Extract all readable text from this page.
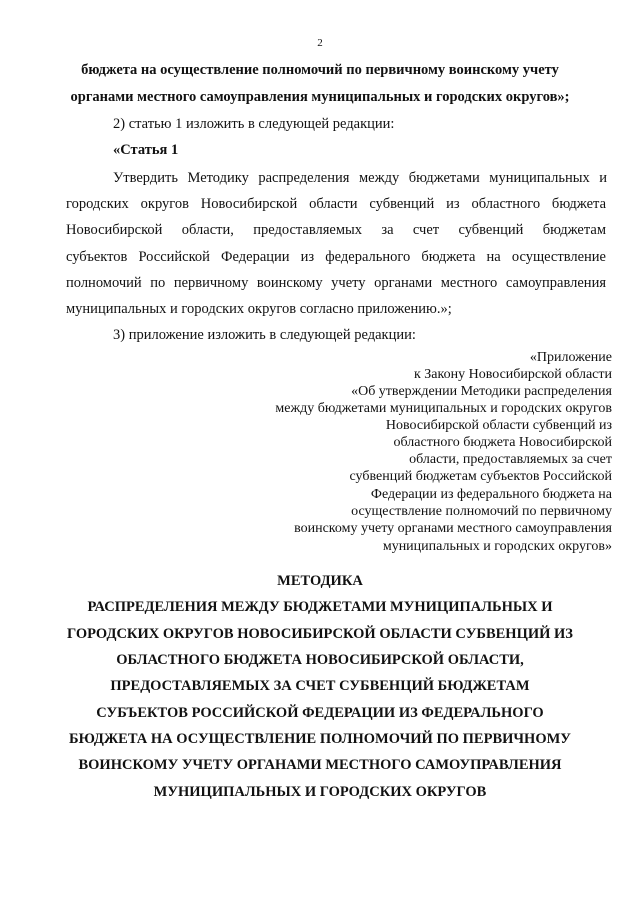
2
бюджета на осуществление полномочий по первичному воинскому учету
органами местного самоуправления муниципальных и городских округов»;
2) статью 1 изложить в следующей редакции:
«Статья 1
Утвердить Методику распределения между бюджетами муниципальных и
городских округов Новосибирской области субвенций из областного бюджета
Новосибирской области, предоставляемых за счет субвенций бюджетам
субъектов Российской Федерации из федерального бюджета на осуществление
полномочий по первичному воинскому учету органами местного самоуправления
муниципальных и городских округов согласно приложению.»;
3) приложение изложить в следующей редакции:
«Приложение
к Закону Новосибирской области
«Об утверждении Методики распределения
между бюджетами муниципальных и городских округов
Новосибирской области субвенций из
областного бюджета Новосибирской
области, предоставляемых за счет
субвенций бюджетам субъектов Российской
Федерации из федерального бюджета на
осуществление полномочий по первичному
воинскому учету органами местного самоуправления
муниципальных и городских округов»
МЕТОДИКА
РАСПРЕДЕЛЕНИЯ МЕЖДУ БЮДЖЕТАМИ МУНИЦИПАЛЬНЫХ И
ГОРОДСКИХ ОКРУГОВ НОВОСИБИРСКОЙ ОБЛАСТИ СУБВЕНЦИЙ ИЗ
ОБЛАСТНОГО БЮДЖЕТА НОВОСИБИРСКОЙ ОБЛАСТИ,
ПРЕДОСТАВЛЯЕМЫХ ЗА СЧЕТ СУБВЕНЦИЙ БЮДЖЕТАМ
СУБЪЕКТОВ РОССИЙСКОЙ ФЕДЕРАЦИИ ИЗ ФЕДЕРАЛЬНОГО
БЮДЖЕТА НА ОСУЩЕСТВЛЕНИЕ ПОЛНОМОЧИЙ ПО ПЕРВИЧНОМУ
ВОИНСКОМУ УЧЕТУ ОРГАНАМИ МЕСТНОГО САМОУПРАВЛЕНИЯ
МУНИЦИПАЛЬНЫХ И ГОРОДСКИХ ОКРУГОВ
